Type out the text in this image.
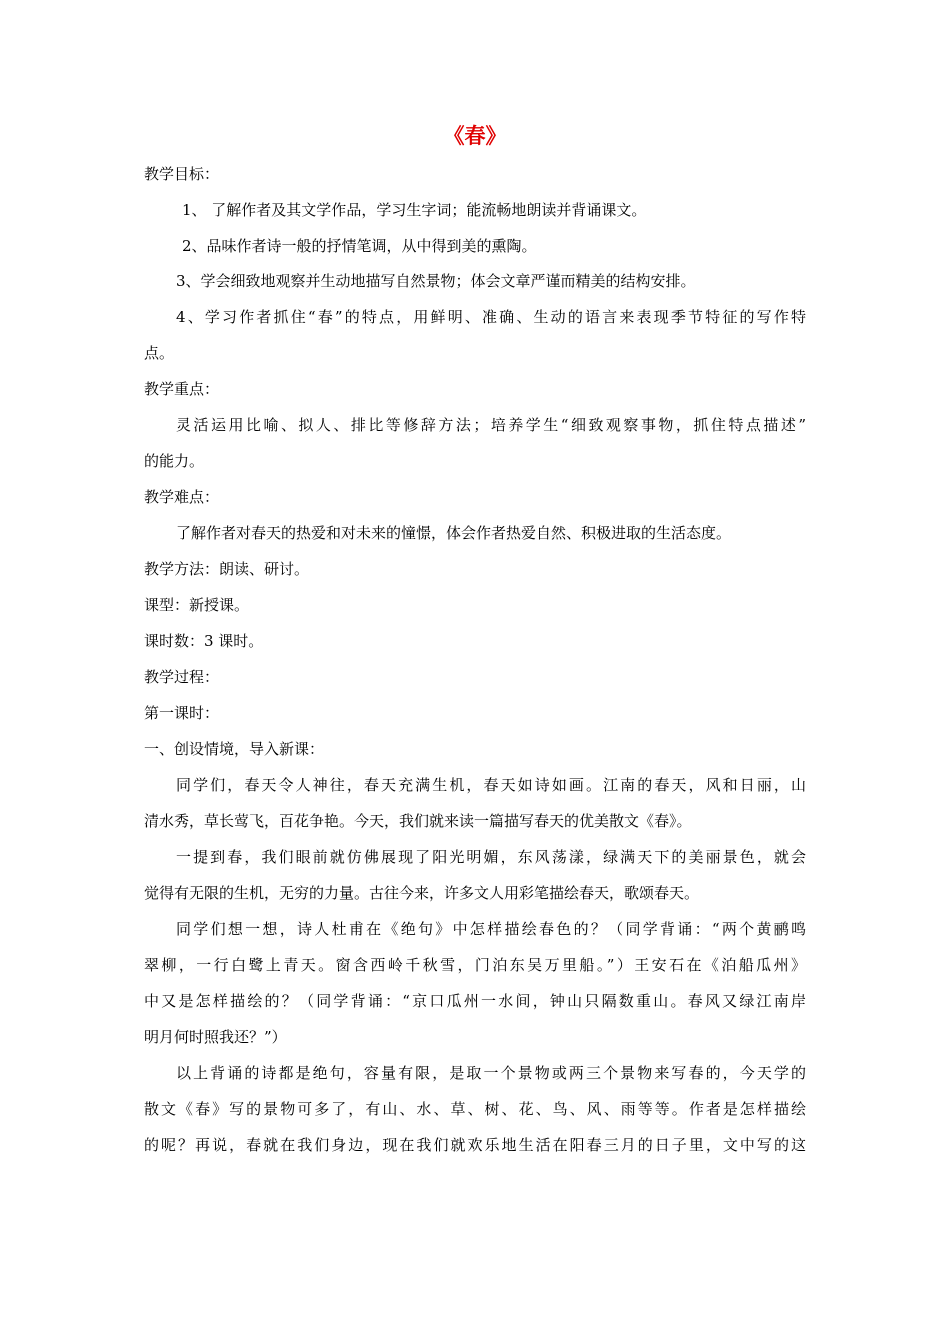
《春》

教学目标：

1、 了解作者及其文学作品，学习生字词；能流畅地朗读并背诵课文。

2、品味作者诗一般的抒情笔调，从中得到美的熏陶。

3、学会细致地观察并生动地描写自然景物；体会文章严谨而精美的结构安排。

4、学习作者抓住“春”的特点，用鲜明、准确、生动的语言来表现季节特征的写作特

点。

教学重点：

灵活运用比喻、拟人、排比等修辞方法；培养学生“细致观察事物，抓住特点描述”

的能力。

教学难点：

了解作者对春天的热爱和对未来的憧憬，体会作者热爱自然、积极进取的生活态度。

教学方法：朗读、研讨。

课型：新授课。

课时数：3 课时。

教学过程：

第一课时：

一、创设情境，导入新课：

同学们，春天令人神往，春天充满生机，春天如诗如画。江南的春天，风和日丽，山

清水秀，草长莺飞，百花争艳。今天，我们就来读一篇描写春天的优美散文《春》。

一提到春，我们眼前就仿佛展现了阳光明媚，东风荡漾，绿满天下的美丽景色，就会

觉得有无限的生机，无穷的力量。古往今来，许多文人用彩笔描绘春天，歌颂春天。

同学们想一想，诗人杜甫在《绝句》中怎样描绘春色的？（同学背诵：“两个黄鹂鸣

翠柳，一行白鹭上青天。窗含西岭千秋雪，门泊东吴万里船。”）王安石在《泊船瓜州》

中又是怎样描绘的？（同学背诵：“京口瓜州一水间，钟山只隔数重山。春风又绿江南岸

明月何时照我还？”）

以上背诵的诗都是绝句，容量有限，是取一个景物或两三个景物来写春的，今天学的

散文《春》写的景物可多了，有山、水、草、树、花、鸟、风、雨等等。作者是怎样描绘

的呢？再说，春就在我们身边，现在我们就欢乐地生活在阳春三月的日子里，文中写的这
